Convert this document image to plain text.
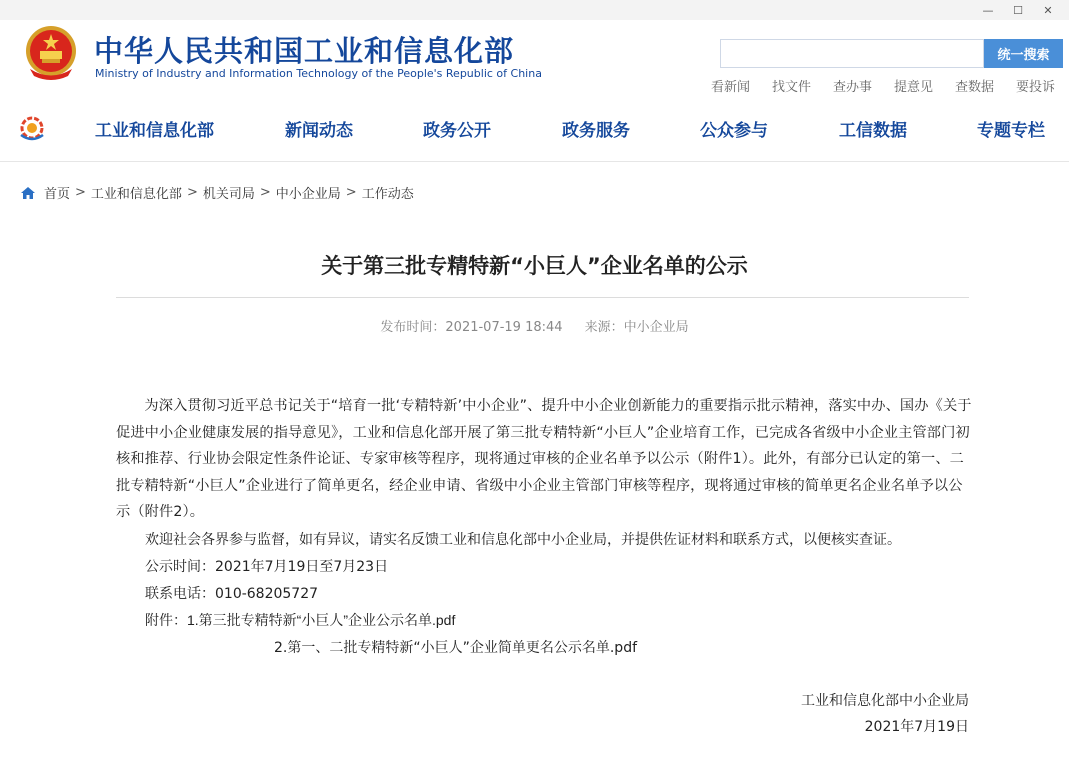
—	☐	✕
中华人民共和国工业和信息化部
Ministry of Industry and Information Technology of the People's Republic of China
统一搜索
看新闻	找文件	查办事	提意见	查数据	要投诉
工业和信息化部	新闻动态	政务公开	政务服务	公众参与	工信数据	专题专栏
首页 > 工业和信息化部 > 机关司局 > 中小企业局 > 工作动态
关于第三批专精特新“小巨人”企业名单的公示
发布时间：2021-07-19 18:44 来源：中小企业局

为深入贯彻习近平总书记关于“培育一批‘专精特新’中小企业”、提升中小企业创新能力的重要指示批示精神，落实中办、国办《关于促进中小企业健康发展的指导意见》，工业和信息化部开展了第三批专精特新“小巨人”企业培育工作，已完成各省级中小企业主管部门初核和推荐、行业协会限定性条件论证、专家审核等程序，现将通过审核的企业名单予以公示（附件1）。此外，有部分已认定的第一、二批专精特新“小巨人”企业进行了简单更名，经企业申请、省级中小企业主管部门审核等程序，现将通过审核的简单更名企业名单予以公示（附件2）。

欢迎社会各界参与监督，如有异议，请实名反馈工业和信息化部中小企业局，并提供佐证材料和联系方式，以便核实查证。
公示时间：2021年7月19日至7月23日
联系电话：010-68205727
附件：1.第三批专精特新“小巨人”企业公示名单.pdf
2.第一、二批专精特新“小巨人”企业简单更名公示名单.pdf
工业和信息化部中小企业局
2021年7月19日
